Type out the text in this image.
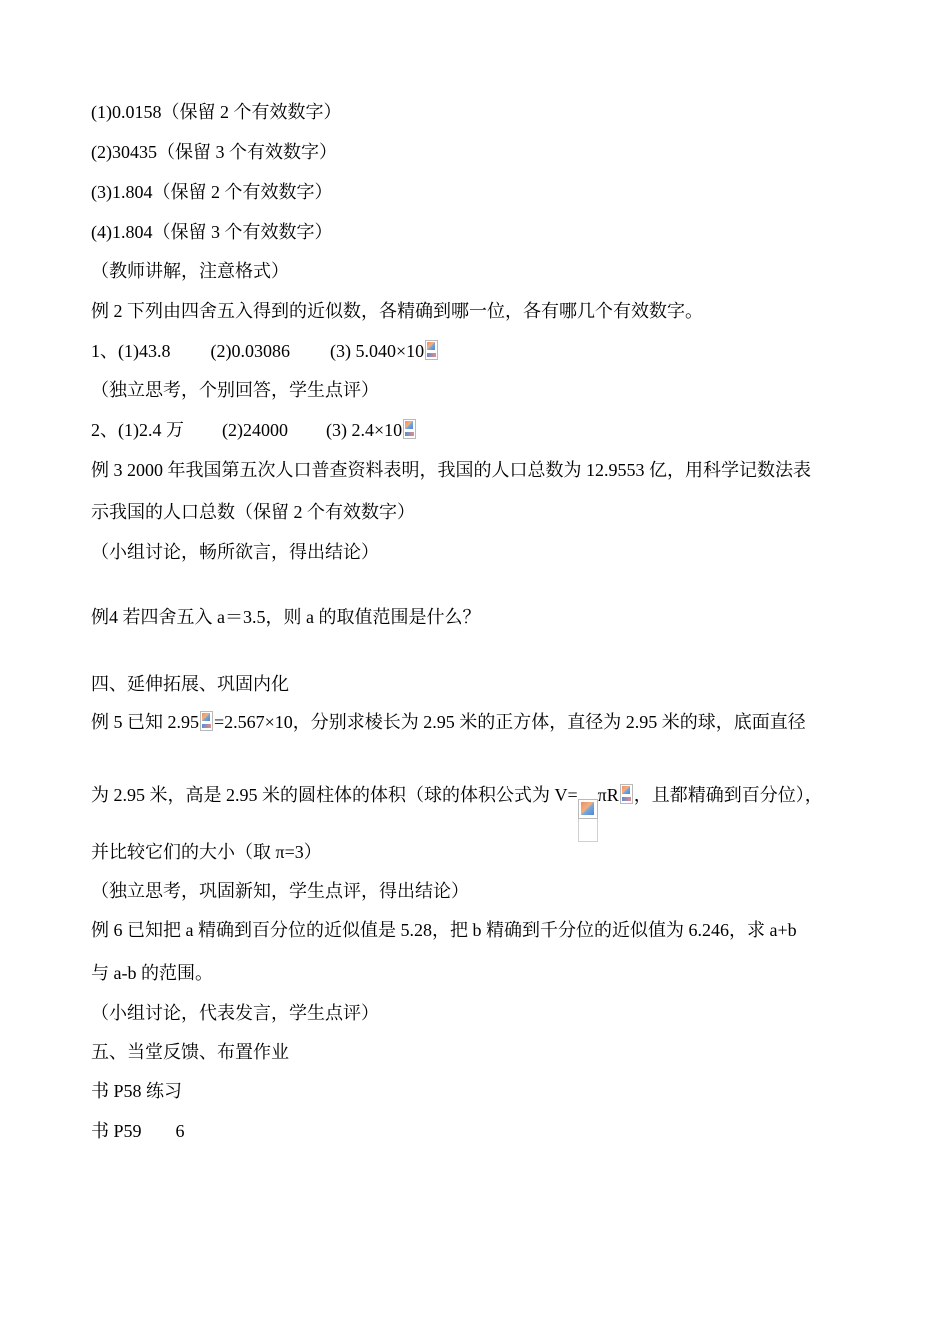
(1)0.0158（保留 2 个有效数字）
(2)30435（保留 3 个有效数字）
(3)1.804（保留 2 个有效数字）
(4)1.804（保留 3 个有效数字）
（教师讲解，注意格式）
例 2 下列由四舍五入得到的近似数，各精确到哪一位，各有哪几个有效数字。
1、(1)43.8 (2)0.03086 (3) 5.040×10
（独立思考，个别回答，学生点评）
2、(1)2.4 万 (2)24000 (3) 2.4×10
例 3 2000 年我国第五次人口普查资料表明，我国的人口总数为 12.9553 亿，用科学记数法表
示我国的人口总数（保留 2 个有效数字）
（小组讨论，畅所欲言，得出结论）
例4 若四舍五入 a＝3.5，则 a 的取值范围是什么？
四、延伸拓展、巩固内化
例 5 已知 2.95 =2.567×10，分别求棱长为 2.95 米的正方体，直径为 2.95 米的球，底面直径
为 2.95 米，高是 2.95 米的圆柱体的体积（球的体积公式为 V= πR ，且都精确到百分位），
并比较它们的大小（取 π=3）
（独立思考，巩固新知，学生点评，得出结论）
例 6 已知把 a 精确到百分位的近似值是 5.28，把 b 精确到千分位的近似值为 6.246，求 a+b
与 a-b 的范围。
（小组讨论，代表发言，学生点评）
五、当堂反馈、布置作业
书 P58 练习
书 P59 6
